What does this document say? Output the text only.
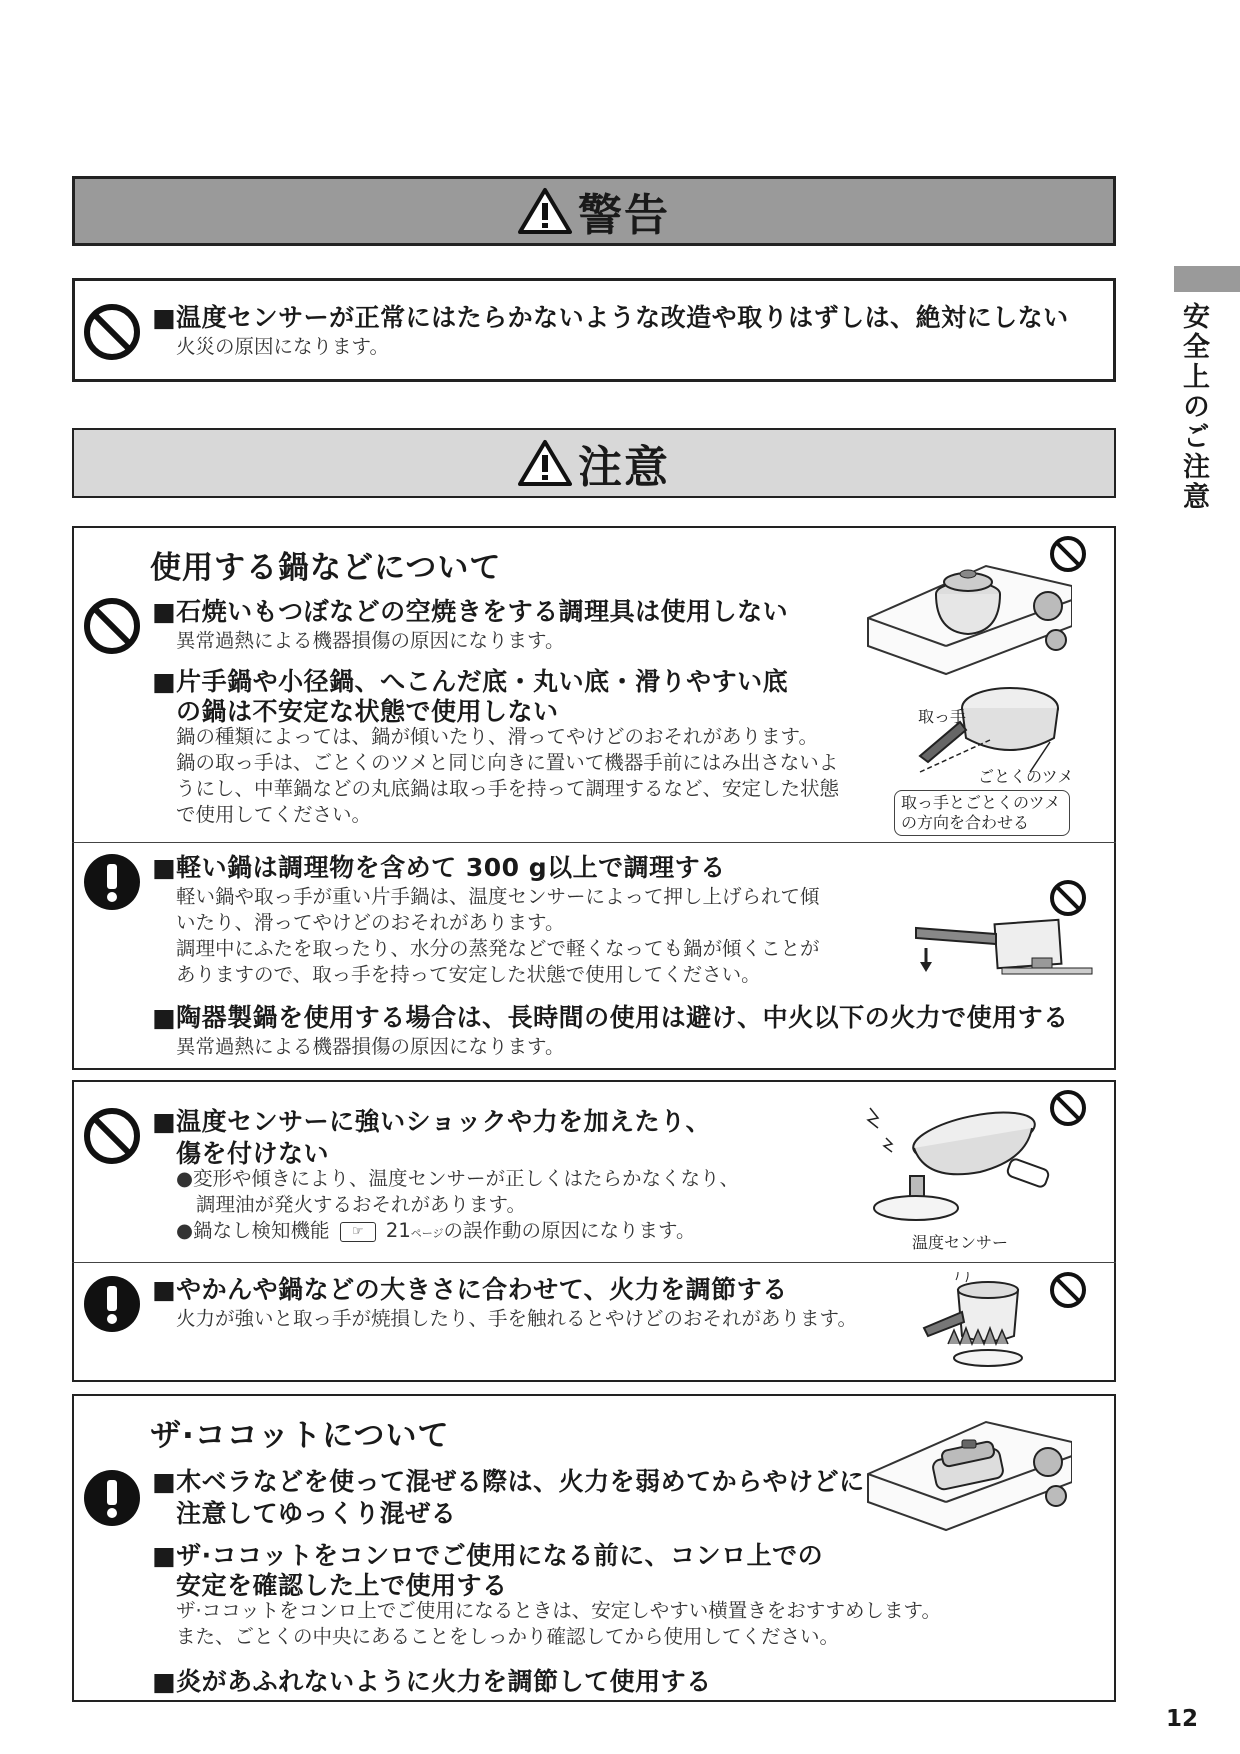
安全上のご注意
警告
■温度センサーが正常にはたらかないような改造や取りはずしは、絶対にしない
火災の原因になります。
注意
使用する鍋などについて
■石焼いもつぼなどの空焼きをする調理具は使用しない
異常過熱による機器損傷の原因になります。
■片手鍋や小径鍋、へこんだ底・丸い底・滑りやすい底
の鍋は不安定な状態で使用しない
鍋の種類によっては、鍋が傾いたり、滑ってやけどのおそれがあります。
鍋の取っ手は、ごとくのツメと同じ向きに置いて機器手前にはみ出さないよ
うにし、中華鍋などの丸底鍋は取っ手を持って調理するなど、安定した状態
で使用してください。
取っ手
ごとくのツメ
取っ手とごとくのツメ
の方向を合わせる
■軽い鍋は調理物を含めて 300 g以上で調理する
軽い鍋や取っ手が重い片手鍋は、温度センサーによって押し上げられて傾
いたり、滑ってやけどのおそれがあります。
調理中にふたを取ったり、水分の蒸発などで軽くなっても鍋が傾くことが
ありますので、取っ手を持って安定した状態で使用してください。
■陶器製鍋を使用する場合は、長時間の使用は避け、中火以下の火力で使用する
異常過熱による機器損傷の原因になります。
■温度センサーに強いショックや力を加えたり、
傷を付けない
●変形や傾きにより、温度センサーが正しくはたらかなくなり、
調理油が発火するおそれがあります。
●鍋なし検知機能 ☞ 21ページの誤作動の原因になります。
温度センサー
■やかんや鍋などの大きさに合わせて、火力を調節する
火力が強いと取っ手が焼損したり、手を触れるとやけどのおそれがあります。
ザ·ココットについて
■木ベラなどを使って混ぜる際は、火力を弱めてからやけどに
注意してゆっくり混ぜる
■ザ·ココットをコンロでご使用になる前に、コンロ上での
安定を確認した上で使用する
ザ·ココットをコンロ上でご使用になるときは、安定しやすい横置きをおすすめします。
また、ごとくの中央にあることをしっかり確認してから使用してください。
■炎があふれないように火力を調節して使用する
12
